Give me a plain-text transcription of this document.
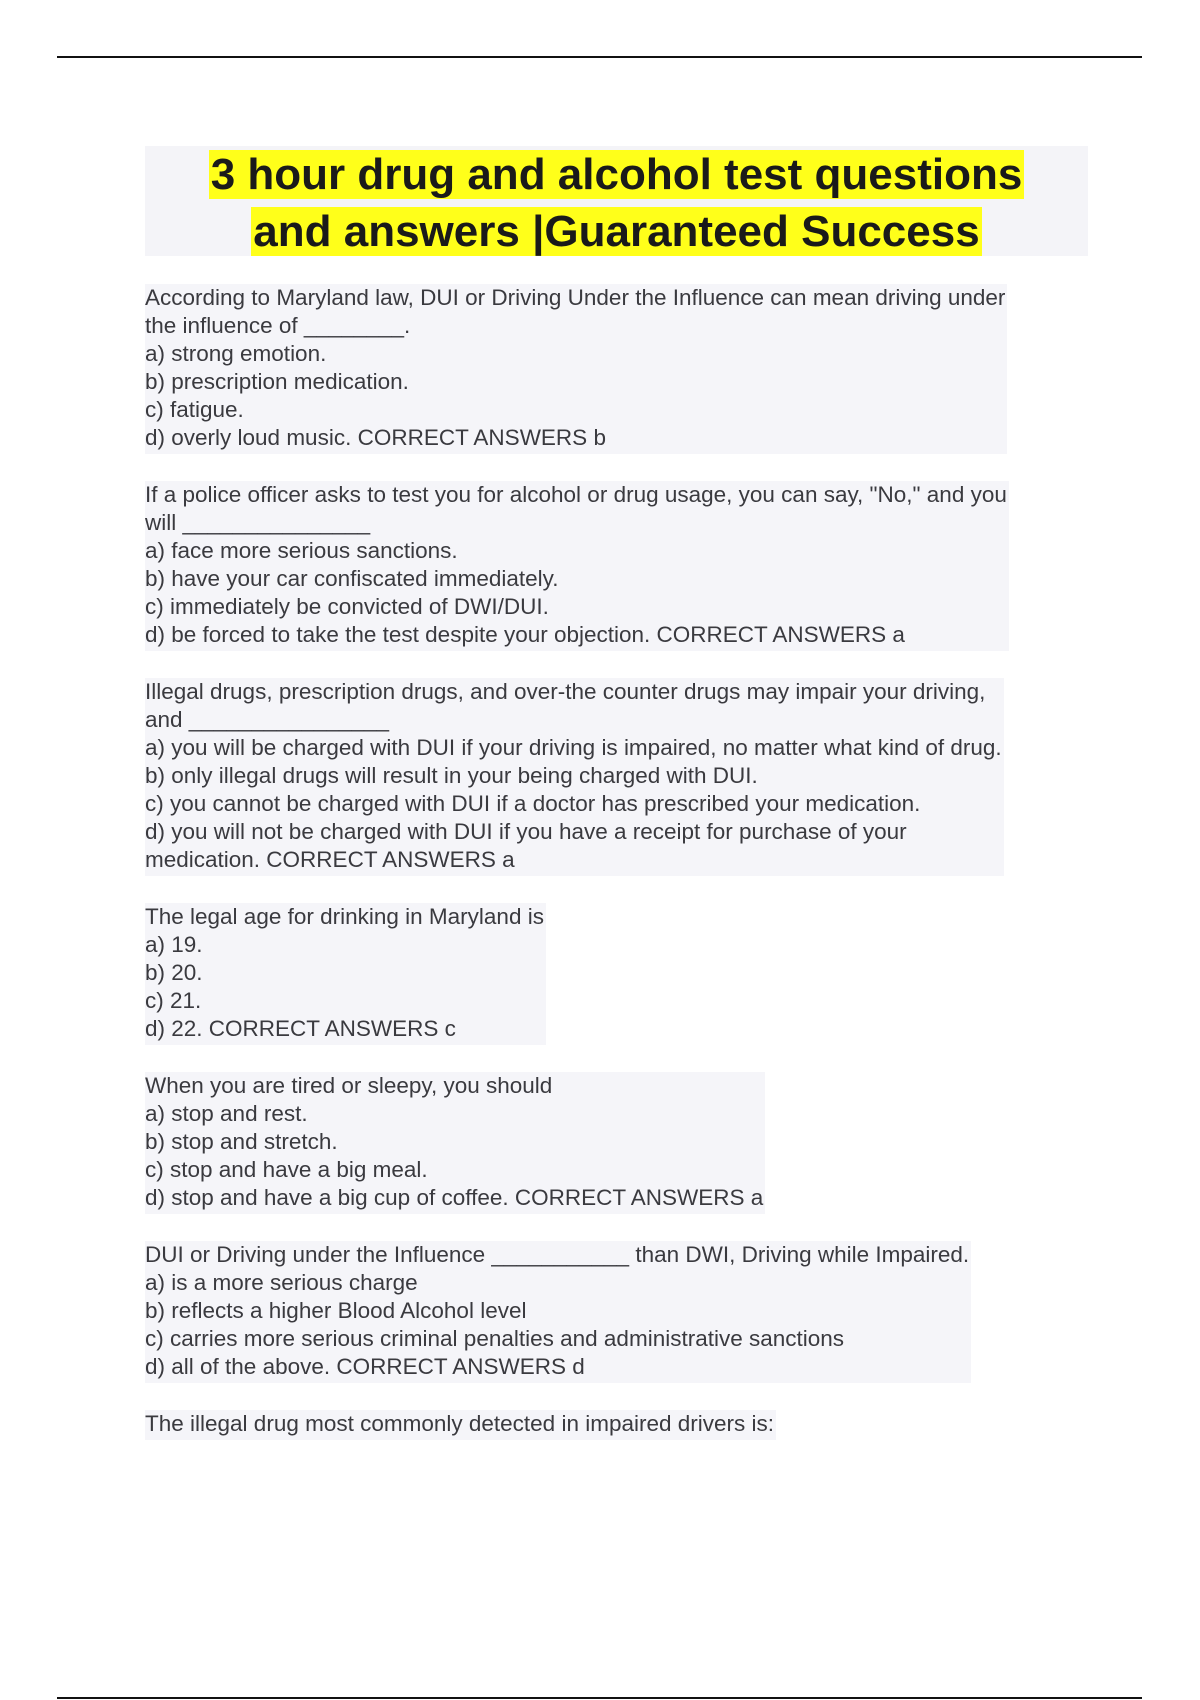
3 hour drug and alcohol test questions
and answers |Guaranteed Success
According to Maryland law, DUI or Driving Under the Influence can mean driving under
the influence of ________.
a) strong emotion.
b) prescription medication.
c) fatigue.
d) overly loud music. CORRECT ANSWERS b
If a police officer asks to test you for alcohol or drug usage, you can say, "No," and you
will _______________
a) face more serious sanctions.
b) have your car confiscated immediately.
c) immediately be convicted of DWI/DUI.
d) be forced to take the test despite your objection. CORRECT ANSWERS a
Illegal drugs, prescription drugs, and over-the counter drugs may impair your driving,
and ________________
a) you will be charged with DUI if your driving is impaired, no matter what kind of drug.
b) only illegal drugs will result in your being charged with DUI.
c) you cannot be charged with DUI if a doctor has prescribed your medication.
d) you will not be charged with DUI if you have a receipt for purchase of your
medication. CORRECT ANSWERS a
The legal age for drinking in Maryland is
a) 19.
b) 20.
c) 21.
d) 22. CORRECT ANSWERS c
When you are tired or sleepy, you should
a) stop and rest.
b) stop and stretch.
c) stop and have a big meal.
d) stop and have a big cup of coffee. CORRECT ANSWERS a
DUI or Driving under the Influence ___________ than DWI, Driving while Impaired.
a) is a more serious charge
b) reflects a higher Blood Alcohol level
c) carries more serious criminal penalties and administrative sanctions
d) all of the above. CORRECT ANSWERS d
The illegal drug most commonly detected in impaired drivers is:
